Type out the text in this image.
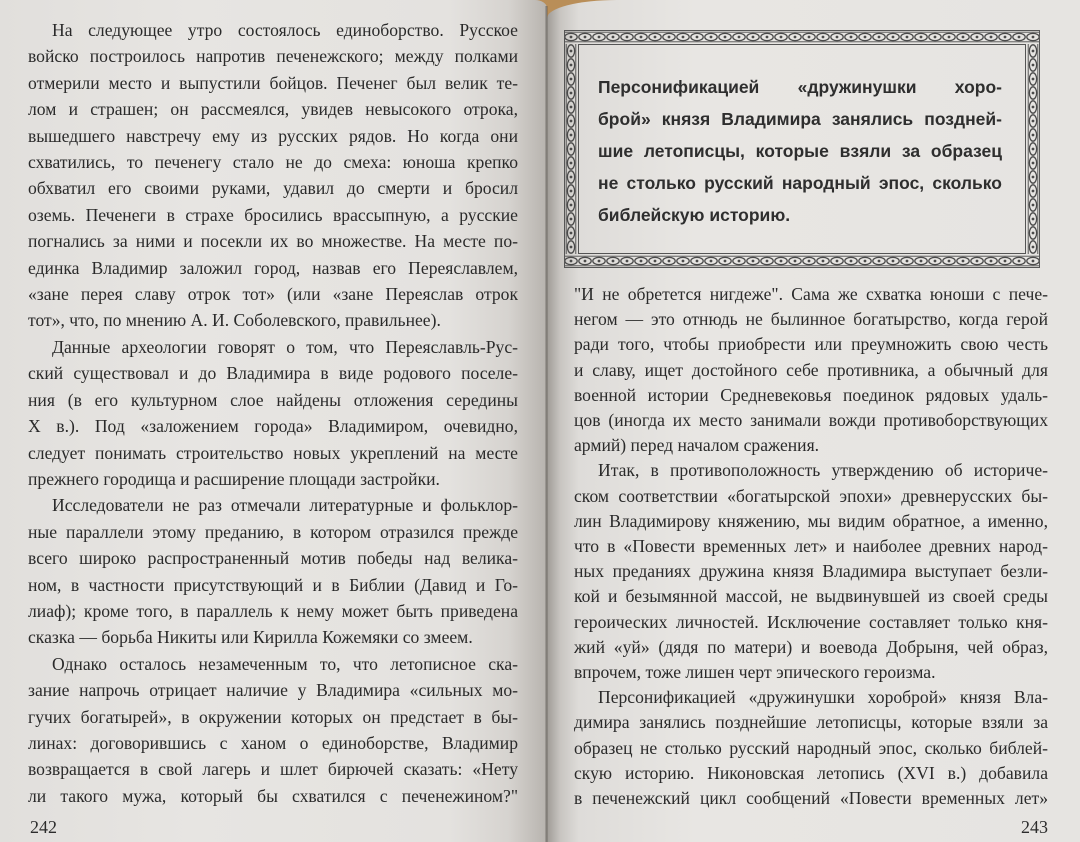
На следующее утро состоялось единоборство. Русское
войско построилось напротив печенежского; между полками
отмерили место и выпустили бойцов. Печенег был велик те-
лом и страшен; он рассмеялся, увидев невысокого отрока,
вышедшего навстречу ему из русских рядов. Но когда они
схватились, то печенегу стало не до смеха: юноша крепко
обхватил его своими руками, удавил до смерти и бросил
оземь. Печенеги в страхе бросились врассыпную, а русские
погнались за ними и посекли их во множестве. На месте по-
единка Владимир заложил город, назвав его Переяславлем,
«зане перея славу отрок тот» (или «зане Переяслав отрок
тот», что, по мнению А. И. Соболевского, правильнее).
Данные археологии говорят о том, что Переяславль-Рус-
ский существовал и до Владимира в виде родового поселе-
ния (в его культурном слое найдены отложения середины
X в.). Под «заложением города» Владимиром, очевидно,
следует понимать строительство новых укреплений на месте
прежнего городища и расширение площади застройки.
Исследователи не раз отмечали литературные и фольклор-
ные параллели этому преданию, в котором отразился прежде
всего широко распространенный мотив победы над велика-
ном, в частности присутствующий и в Библии (Давид и Го-
лиаф); кроме того, в параллель к нему может быть приведена
сказка — борьба Никиты или Кирилла Кожемяки со змеем.
Однако осталось незамеченным то, что летописное ска-
зание напрочь отрицает наличие у Владимира «сильных мо-
гучих богатырей», в окружении которых он предстает в бы-
линах: договорившись с ханом о единоборстве, Владимир
возвращается в свой лагерь и шлет бирючей сказать: «Нету
ли такого мужа, который бы схватился с печенежином?"
242
Персонификацией «дружинушки хоро-
брой» князя Владимира занялись поздней-
шие летописцы, которые взяли за образец
не столько русский народный эпос, сколько
библейскую историю.
"И не обретется нигдеже". Сама же схватка юноши с пече-
негом — это отнюдь не былинное богатырство, когда герой
ради того, чтобы приобрести или преумножить свою честь
и славу, ищет достойного себе противника, а обычный для
военной истории Средневековья поединок рядовых удаль-
цов (иногда их место занимали вожди противоборствующих
армий) перед началом сражения.
Итак, в противоположность утверждению об историче-
ском соответствии «богатырской эпохи» древнерусских бы-
лин Владимирову княжению, мы видим обратное, а именно,
что в «Повести временных лет» и наиболее древних народ-
ных преданиях дружина князя Владимира выступает безли-
кой и безымянной массой, не выдвинувшей из своей среды
героических личностей. Исключение составляет только кня-
жий «уй» (дядя по матери) и воевода Добрыня, чей образ,
впрочем, тоже лишен черт эпического героизма.
Персонификацией «дружинушки хороброй» князя Вла-
димира занялись позднейшие летописцы, которые взяли за
образец не столько русский народный эпос, сколько библей-
скую историю. Никоновская летопись (XVI в.) добавила
в печенежский цикл сообщений «Повести временных лет»
243
